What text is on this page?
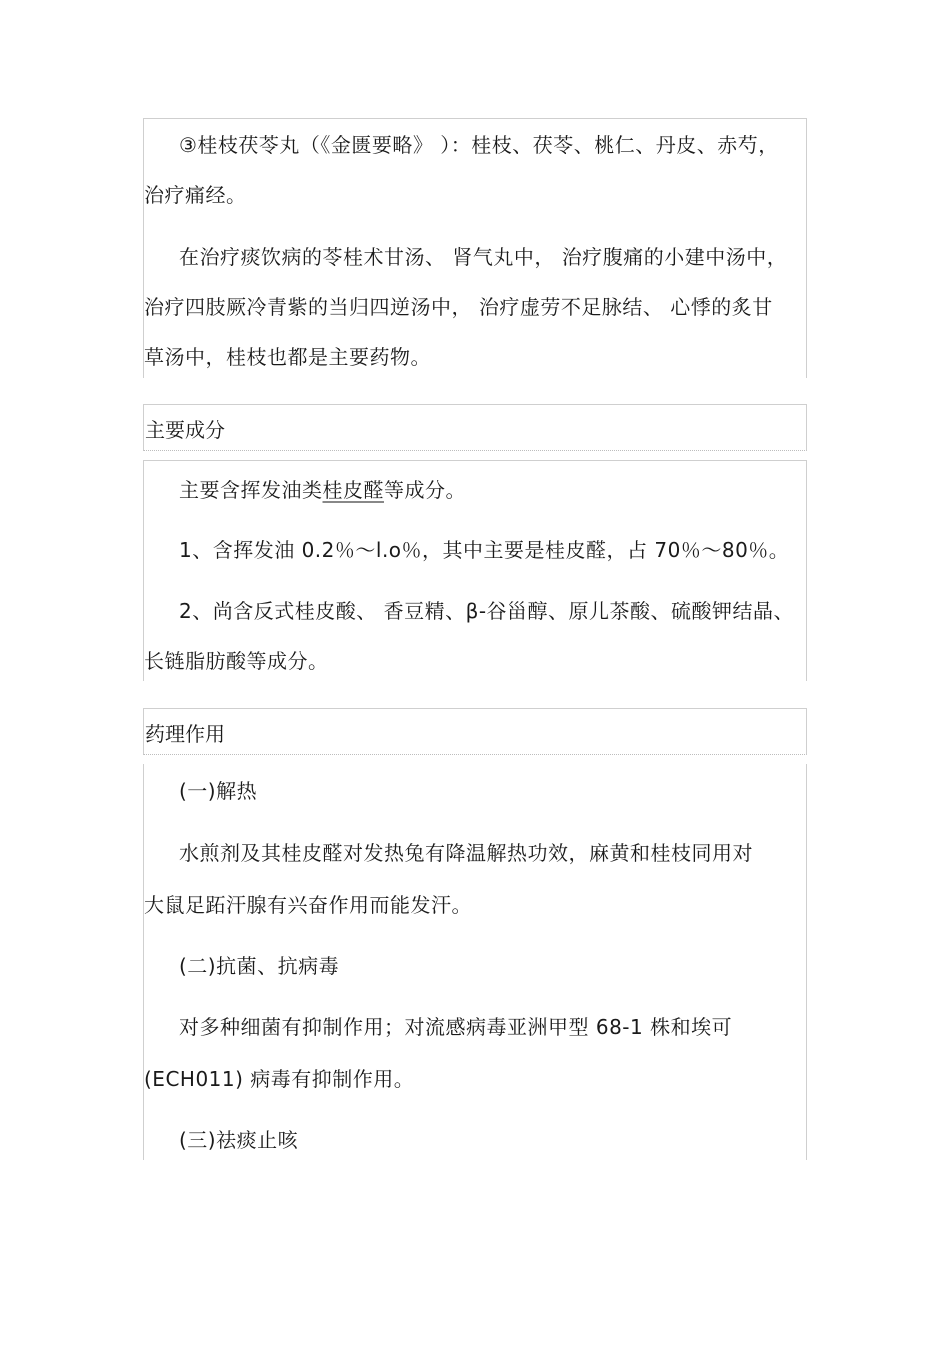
③桂枝茯苓丸（《金匮要略》 ）：桂枝、茯苓、桃仁、丹皮、赤芍，
治疗痛经。
在治疗痰饮病的苓桂术甘汤、 肾气丸中， 治疗腹痛的小建中汤中，
治疗四肢厥冷青紫的当归四逆汤中， 治疗虚劳不足脉结、 心悸的炙甘
草汤中，桂枝也都是主要药物。
主要成分
主要含挥发油类桂皮醛等成分。
1、含挥发油 0.2％～l.o％，其中主要是桂皮醛，占 70％～80％。
2、尚含反式桂皮酸、 香豆精、β-谷甾醇、原儿茶酸、硫酸钾结晶、
长链脂肪酸等成分。
药理作用
(一)解热
水煎剂及其桂皮醛对发热兔有降温解热功效，麻黄和桂枝同用对
大鼠足跖汗腺有兴奋作用而能发汗。
(二)抗菌、抗病毒
对多种细菌有抑制作用；对流感病毒亚洲甲型 68-1 株和埃可
(ECH011) 病毒有抑制作用。
(三)祛痰止咳
